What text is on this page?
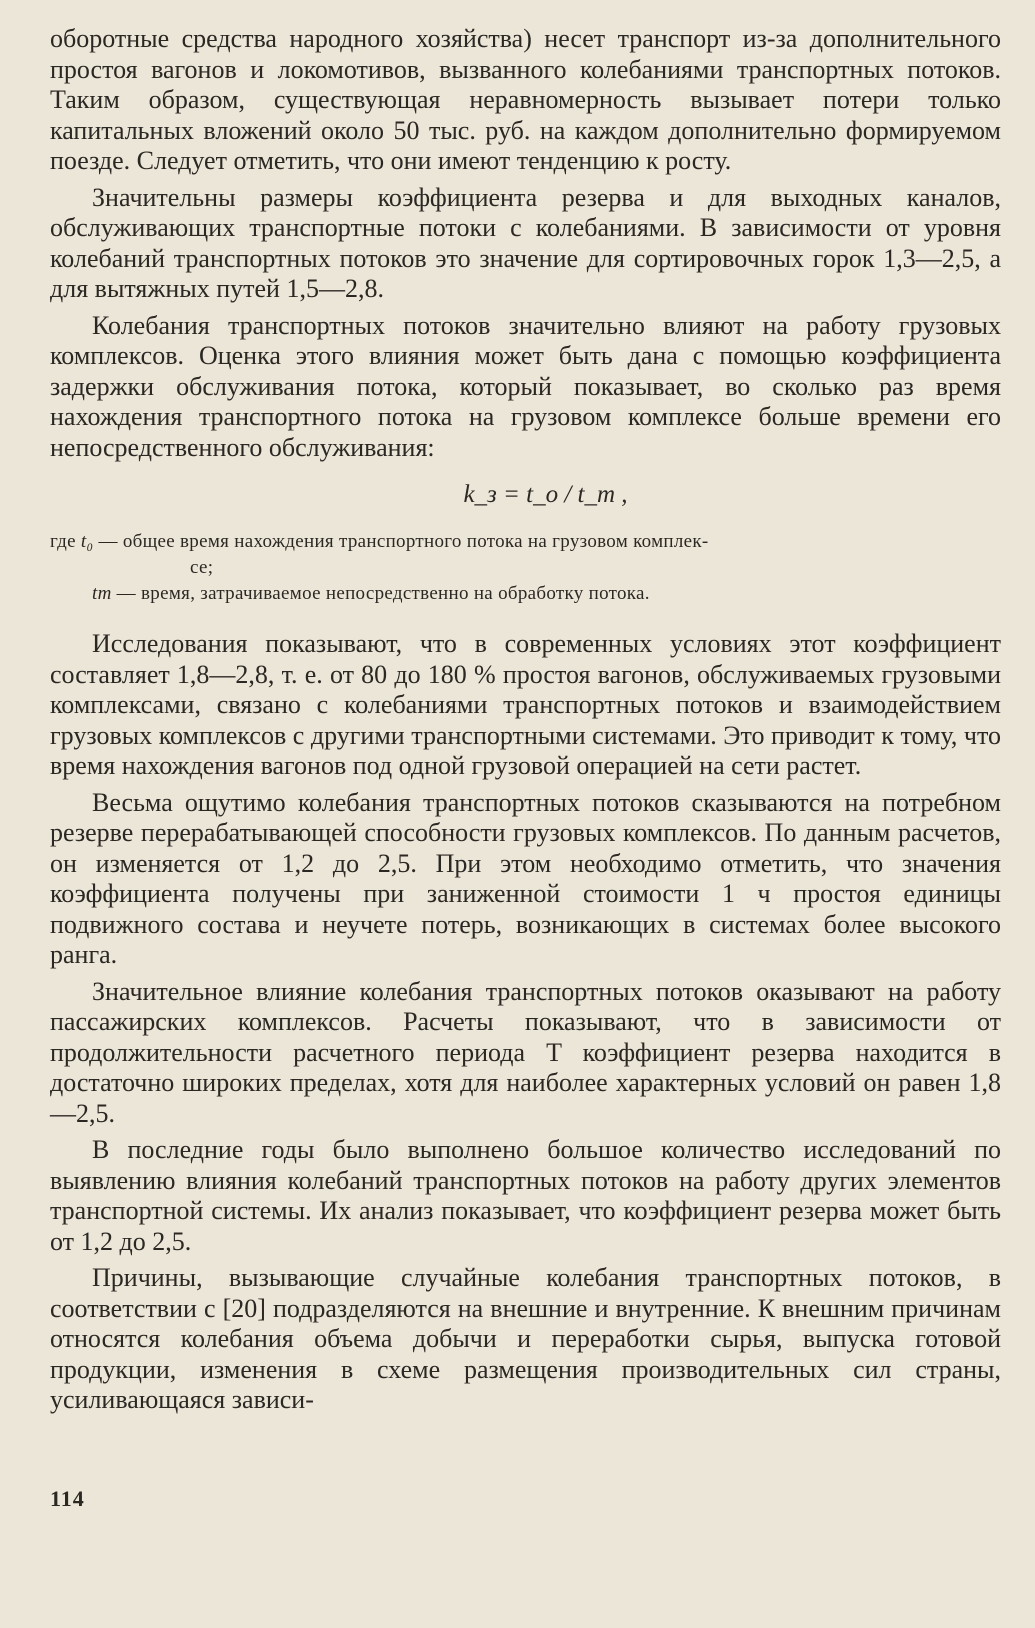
оборотные средства народного хозяйства) несет транспорт из-за дополнительного простоя вагонов и локомотивов, вызванного колебаниями транспортных потоков. Таким образом, существующая неравномерность вызывает потери только капитальных вложений около 50 тыс. руб. на каждом дополнительно формируемом поезде. Следует отметить, что они имеют тенденцию к росту.

Значительны размеры коэффициента резерва и для выходных каналов, обслуживающих транспортные потоки с колебаниями. В зависимости от уровня колебаний транспортных потоков это значение для сортировочных горок 1,3—2,5, а для вытяжных путей 1,5—2,8.

Колебания транспортных потоков значительно влияют на работу грузовых комплексов. Оценка этого влияния может быть дана с помощью коэффициента задержки обслуживания потока, который показывает, во сколько раз время нахождения транспортного потока на грузовом комплексе больше времени его непосредственного обслуживания:

k_з = t_о / t_т ,
где t₀ — общее время нахождения транспортного потока на грузовом комплек-
се;
tт — время, затрачиваемое непосредственно на обработку потока.

Исследования показывают, что в современных условиях этот коэффициент составляет 1,8—2,8, т. е. от 80 до 180 % простоя вагонов, обслуживаемых грузовыми комплексами, связано с колебаниями транспортных потоков и взаимодействием грузовых комплексов с другими транспортными системами. Это приводит к тому, что время нахождения вагонов под одной грузовой операцией на сети растет.

Весьма ощутимо колебания транспортных потоков сказываются на потребном резерве перерабатывающей способности грузовых комплексов. По данным расчетов, он изменяется от 1,2 до 2,5. При этом необходимо отметить, что значения коэффициента получены при заниженной стоимости 1 ч простоя единицы подвижного состава и неучете потерь, возникающих в системах более высокого ранга.

Значительное влияние колебания транспортных потоков оказывают на работу пассажирских комплексов. Расчеты показывают, что в зависимости от продолжительности расчетного периода T коэффициент резерва находится в достаточно широких пределах, хотя для наиболее характерных условий он равен 1,8—2,5.

В последние годы было выполнено большое количество исследований по выявлению влияния колебаний транспортных потоков на работу других элементов транспортной системы. Их анализ показывает, что коэффициент резерва может быть от 1,2 до 2,5.

Причины, вызывающие случайные колебания транспортных потоков, в соответствии с [20] подразделяются на внешние и внутренние. К внешним причинам относятся колебания объема добычи и переработки сырья, выпуска готовой продукции, изменения в схеме размещения производительных сил страны, усиливающаяся зависи-

114
